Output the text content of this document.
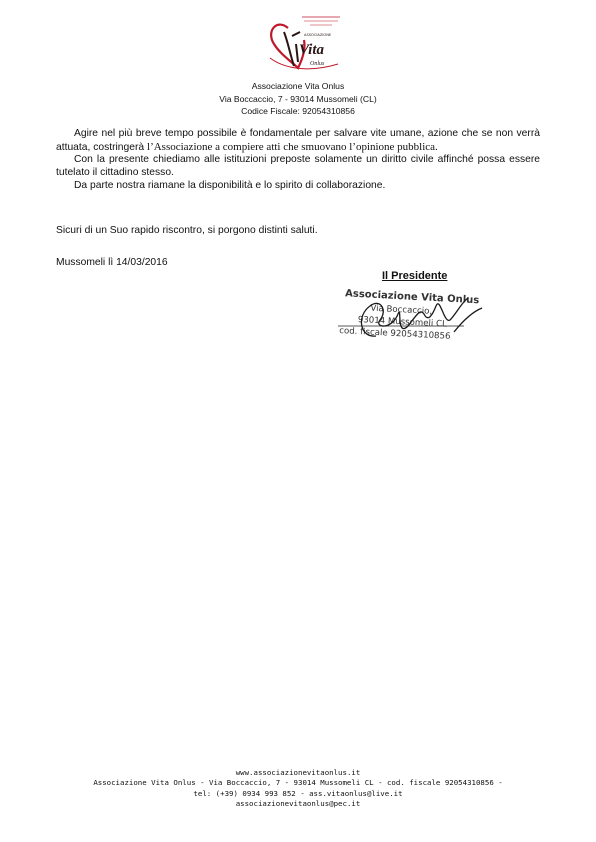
ASSOCIAZIONE
Vita
Onlus
Associazione Vita Onlus
Via Boccaccio, 7 - 93014 Mussomeli (CL)
Codice Fiscale: 92054310856

Agire nel più breve tempo possibile è fondamentale per salvare vite umane, azione che se non verrà attuata, costringerà l’Associazione a compiere atti che smuovano l’opinione pubblica.

Con la presente chiediamo alle istituzioni preposte solamente un diritto civile affinché possa essere tutelato il cittadino stesso.

Da parte nostra riamane la disponibilità e lo spirito di collaborazione.

Sicuri di un Suo rapido riscontro, si porgono distinti saluti.
Mussomeli lì 14/03/2016
Il Presidente
Associazione Vita Onlus
Via Boccaccio,
93014 Mussomeli CL
cod. fiscale 92054310856
www.associazionevitaonlus.it
Associazione Vita Onlus - Via Boccaccio, 7 - 93014 Mussomeli CL - cod. fiscale 92054310856 -
tel: (+39) 0934 993 852 - ass.vitaonlus@live.it
associazionevitaonlus@pec.it
